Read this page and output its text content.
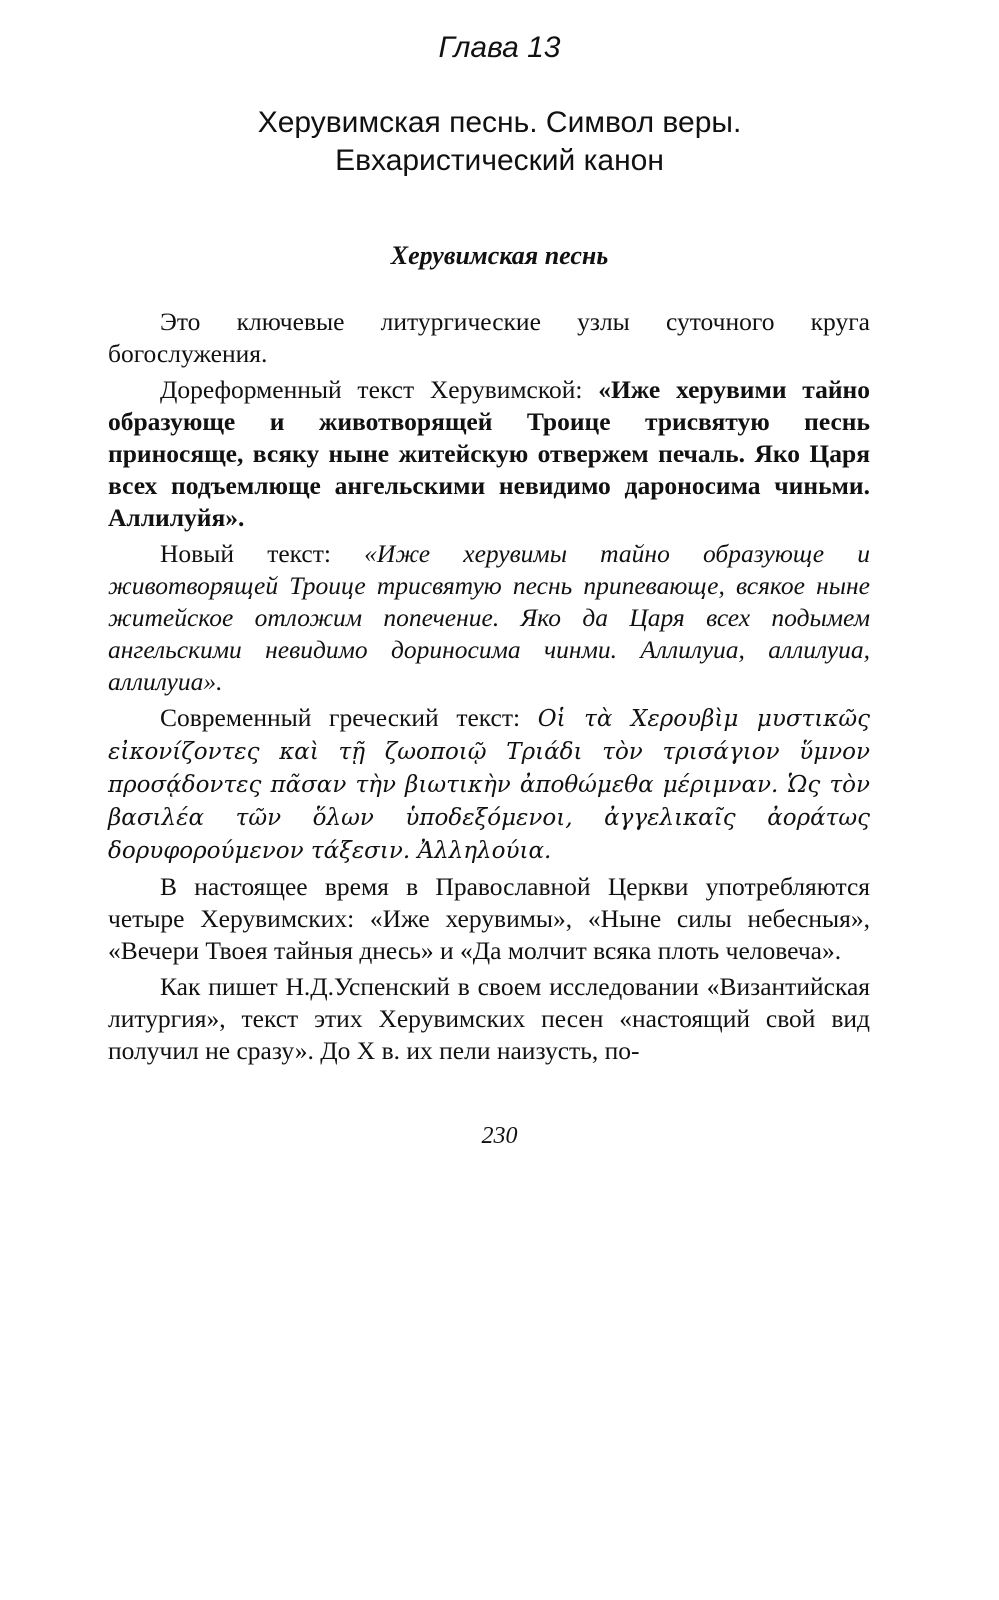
Глава 13
Херувимская песнь. Символ веры.
Евхаристический канон
Херувимская песнь

Это ключевые литургические узлы суточного круга богослужения.

Дореформенный текст Херувимской: «Иже херувими тайно образующе и животворящей Троице трисвятую песнь приносяще, всяку ныне житейскую отвержем печаль. Яко Царя всех подъемлюще ангельскими невидимо дароносима чиньми. Аллилуйя».

Новый текст: «Иже херувимы тайно образующе и животворящей Троице трисвятую песнь припевающе, всякое ныне житейское отложим попечение. Яко да Царя всех подымем ангельскими невидимо дориносима чинми. Аллилуиа, аллилуиа, аллилуиа».

Современный греческий текст: Οἱ τὰ Χερουβὶμ μυστικῶς εἰκονίζοντες καὶ τῇ ζωοποιῷ Τριάδι τὸν τρισάγιον ὕμνον προσᾴδοντες πᾶσαν τὴν βιωτικὴν ἀποθώμεθα μέριμναν. Ὡς τὸν βασιλέα τῶν ὅλων ὑποδεξόμενοι, ἀγγελικαῖς ἀοράτως δορυφορούμενον τάξεσιν. Ἀλληλούια.

В настоящее время в Православной Церкви употребляются четыре Херувимских: «Иже херувимы», «Ныне силы небесныя», «Вечери Твоея тайныя днесь» и «Да молчит всяка плоть человеча».

Как пишет Н.Д.Успенский в своем исследовании «Византийская литургия», текст этих Херувимских песен «настоящий свой вид получил не сразу». До X в. их пели наизусть, по-

230
